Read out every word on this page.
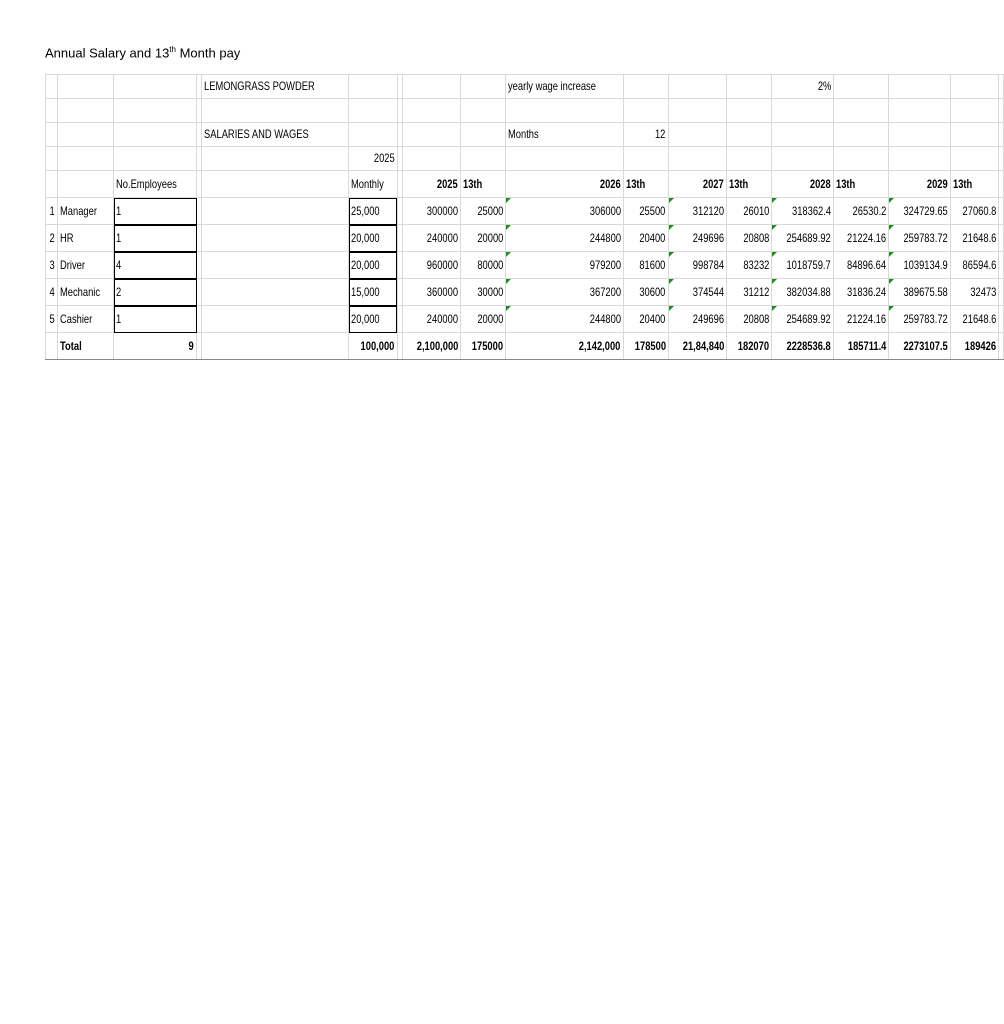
Annual Salary and 13th Month pay
				LEMONGRASS POWDER					yearly wage increase				2%				

				SALARIES AND WAGES					Months	12							
					2025												
		No.Employees			Monthly		2025	13th	2026	13th	2027	13th	2028	13th	2029	13th	
1	Manager	1			25,000		300000	25000	306000	25500	312120	26010	318362.4	26530.2	324729.65	27060.8	
2	HR	1			20,000		240000	20000	244800	20400	249696	20808	254689.92	21224.16	259783.72	21648.6	
3	Driver	4			20,000		960000	80000	979200	81600	998784	83232	1018759.7	84896.64	1039134.9	86594.6	
4	Mechanic	2			15,000		360000	30000	367200	30600	374544	31212	382034.88	31836.24	389675.58	32473	
5	Cashier	1			20,000		240000	20000	244800	20400	249696	20808	254689.92	21224.16	259783.72	21648.6	
	Total	9			100,000		2,100,000	175000	2,142,000	178500	21,84,840	182070	2228536.8	185711.4	2273107.5	189426	
